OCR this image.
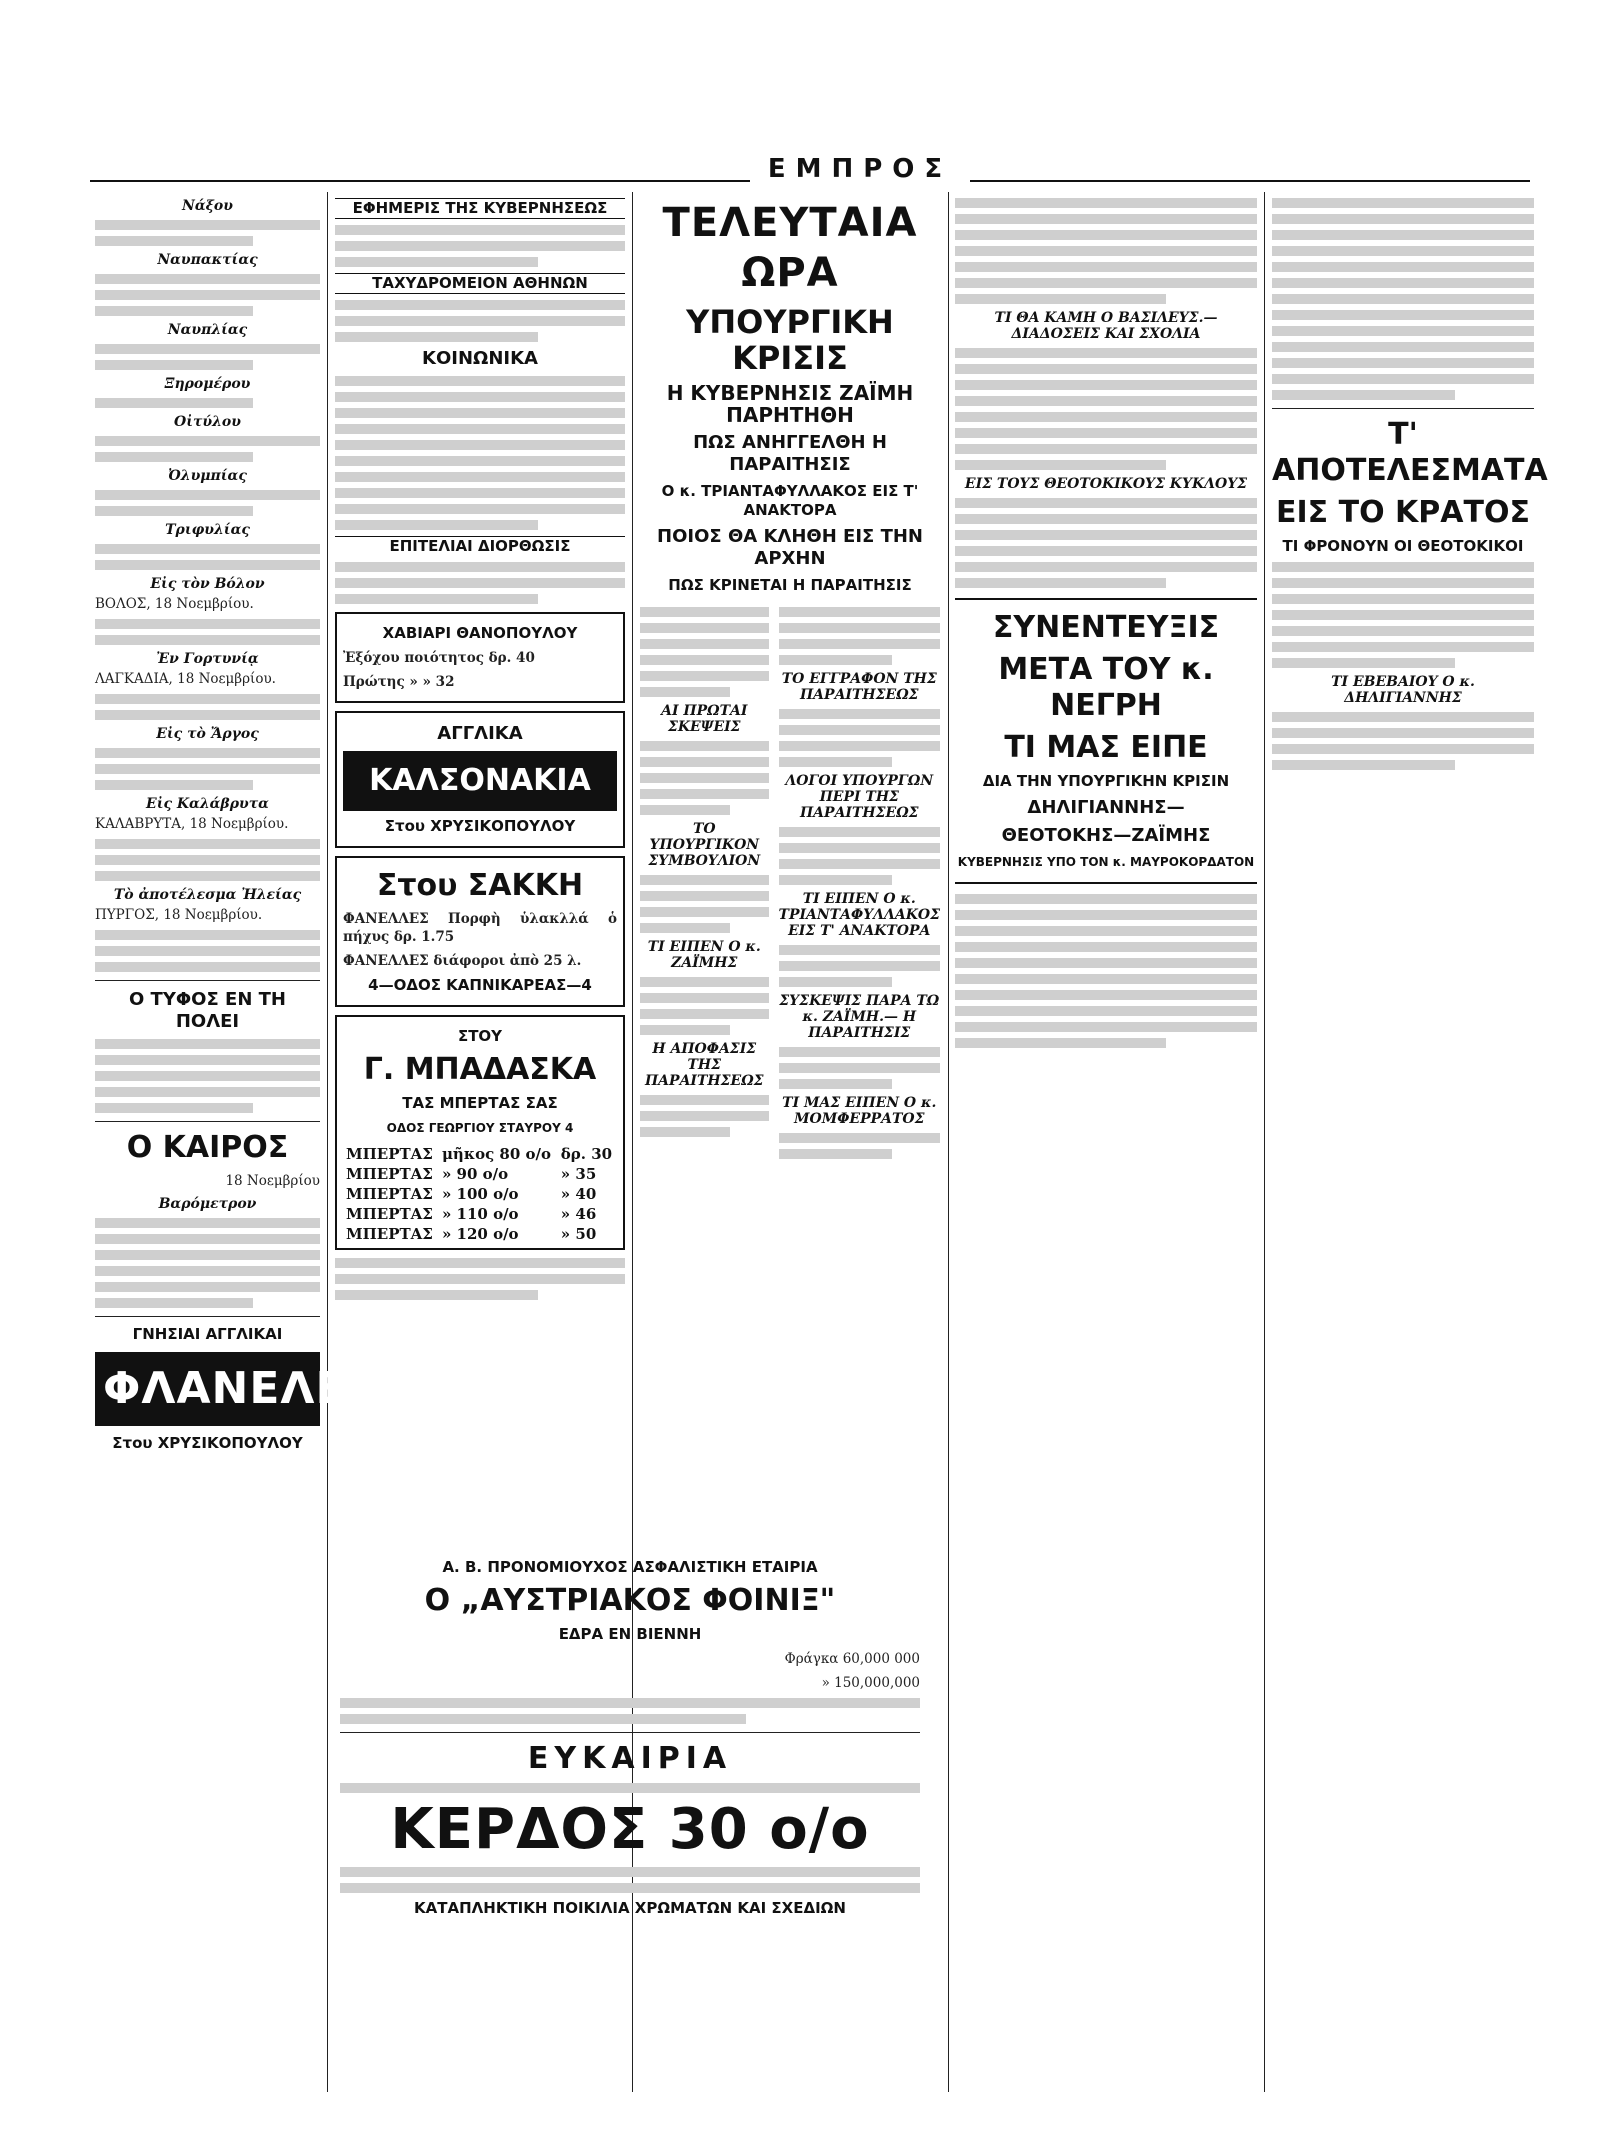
ΕΜΠΡΟΣ
Νάξου
Ναυπακτίας
Ναυπλίας
Ξηρομέρου
Οἰτύλου
Ὀλυμπίας
Τριφυλίας
Εἰς τὸν Βόλον

ΒΟΛΟΣ, 18 Νοεμβρίου.

Ἐν Γορτυνίᾳ

ΛΑΓΚΑΔΙΑ, 18 Νοεμβρίου.

Εἰς τὸ Ἄργος
Εἰς Καλάβρυτα

ΚΑΛΑΒΡΥΤΑ, 18 Νοεμβρίου.

Τὸ ἀποτέλεσμα Ἠλείας

ΠΥΡΓΟΣ, 18 Νοεμβρίου.

Ο ΤΥΦΟΣ ΕΝ ΤΗ ΠΟΛΕΙ
Ο ΚΑΙΡΟΣ

18 Νοεμβρίου

Βαρόμετρον
ΓΝΗΣΙΑΙ ΑΓΓΛΙΚΑΙ
ΦΛΑΝΕΛΕΣ
Στου ΧΡΥΣΙΚΟΠΟΥΛΟΥ
ΕΦΗΜΕΡΙΣ ΤΗΣ ΚΥΒΕΡΝΗΣΕΩΣ
ΤΑΧΥΔΡΟΜΕΙΟΝ ΑΘΗΝΩΝ
ΚΟΙΝΩΝΙΚΑ
ΕΠΙΤΕΛΙΑΙ ΔΙΟΡΘΩΣΙΣ
ΧΑΒΙΑΡΙ ΘΑΝΟΠΟΥΛΟΥ

Ἐξόχου ποιότητος δρ. 40

Πρώτης » » 32

ΑΓΓΛΙΚΑ
ΚΑΛΣΟΝΑΚΙΑ
Στου ΧΡΥΣΙΚΟΠΟΥΛΟΥ
Στου ΣΑΚΚΗ

ΦΑΝΕΛΛΕΣ Πορφὴ ὑλακλλά ὁ πήχυς δρ. 1.75

ΦΑΝΕΛΛΕΣ διάφοροι ἀπὸ 25 λ.

4—ΟΔΟΣ ΚΑΠΝΙΚΑΡΕΑΣ—4
ΣΤΟΥ
Γ. ΜΠΑΔΑΣΚΑ
ΤΑΣ ΜΠΕΡΤΑΣ ΣΑΣ
ΟΔΟΣ ΓΕΩΡΓΙΟΥ ΣΤΑΥΡΟΥ 4
ΜΠΕΡΤΑΣ	μῆκος 80 ο/ο	δρ. 30
ΜΠΕΡΤΑΣ	» 90 ο/ο	» 35
ΜΠΕΡΤΑΣ	» 100 ο/ο	» 40
ΜΠΕΡΤΑΣ	» 110 ο/ο	» 46
ΜΠΕΡΤΑΣ	» 120 ο/ο	» 50
ΤΕΛΕΥΤΑΙΑ ΩΡΑ
ΥΠΟΥΡΓΙΚΗ ΚΡΙΣΙΣ
Η ΚΥΒΕΡΝΗΣΙΣ ΖΑΪΜΗ ΠΑΡΗΤΗΘΗ
ΠΩΣ ΑΝΗΓΓΕΛΘΗ Η ΠΑΡΑΙΤΗΣΙΣ
Ο κ. ΤΡΙΑΝΤΑΦΥΛΛΑΚΟΣ ΕΙΣ Τ' ΑΝΑΚΤΟΡΑ
ΠΟΙΟΣ ΘΑ ΚΛΗΘΗ ΕΙΣ ΤΗΝ ΑΡΧΗΝ
ΠΩΣ ΚΡΙΝΕΤΑΙ Η ΠΑΡΑΙΤΗΣΙΣ
ΑΙ ΠΡΩΤΑΙ ΣΚΕΨΕΙΣ
ΤΟ ΥΠΟΥΡΓΙΚΟΝ ΣΥΜΒΟΥΛΙΟΝ
ΤΙ ΕΙΠΕΝ Ο κ. ΖΑΪΜΗΣ
Η ΑΠΟΦΑΣΙΣ ΤΗΣ ΠΑΡΑΙΤΗΣΕΩΣ
ΤΟ ΕΓΓΡΑΦΟΝ ΤΗΣ ΠΑΡΑΙΤΗΣΕΩΣ
ΛΟΓΟΙ ΥΠΟΥΡΓΩΝ ΠΕΡΙ ΤΗΣ ΠΑΡΑΙΤΗΣΕΩΣ
ΤΙ ΕΙΠΕΝ Ο κ. ΤΡΙΑΝΤΑΦΥΛΛΑΚΟΣ ΕΙΣ Τ' ΑΝΑΚΤΟΡΑ
ΣΥΣΚΕΨΙΣ ΠΑΡΑ ΤΩ κ. ΖΑΪΜΗ.— Η ΠΑΡΑΙΤΗΣΙΣ
ΤΙ ΜΑΣ ΕΙΠΕΝ Ο κ. ΜΟΜΦΕΡΡΑΤΟΣ
Α. Β. ΠΡΟΝΟΜΙΟΥΧΟΣ ΑΣΦΑΛΙΣΤΙΚΗ ΕΤΑΙΡΙΑ
Ο „ΑΥΣΤΡΙΑΚΟΣ ΦΟΙΝΙΞ"
ΕΔΡΑ ΕΝ ΒΙΕΝΝΗ

Φράγκα 60,000 000

» 150,000,000

ΕΥΚΑΙΡΙΑ
ΚΕΡΔΟΣ 30 ο/ο
ΚΑΤΑΠΛΗΚΤΙΚΗ ΠΟΙΚΙΛΙΑ ΧΡΩΜΑΤΩΝ ΚΑΙ ΣΧΕΔΙΩΝ
ΤΙ ΘΑ ΚΑΜΗ Ο ΒΑΣΙΛΕΥΣ.— ΔΙΑΔΟΣΕΙΣ ΚΑΙ ΣΧΟΛΙΑ
ΕΙΣ ΤΟΥΣ ΘΕΟΤΟΚΙΚΟΥΣ ΚΥΚΛΟΥΣ
ΣΥΝΕΝΤΕΥΞΙΣ
ΜΕΤΑ ΤΟΥ κ. ΝΕΓΡΗ
ΤΙ ΜΑΣ ΕΙΠΕ
ΔΙΑ ΤΗΝ ΥΠΟΥΡΓΙΚΗΝ ΚΡΙΣΙΝ
ΔΗΛΙΓΙΑΝΝΗΣ—
ΘΕΟΤΟΚΗΣ—ΖΑΪΜΗΣ
ΚΥΒΕΡΝΗΣΙΣ ΥΠΟ ΤΟΝ κ. ΜΑΥΡΟΚΟΡΔΑΤΟΝ
Τ' ΑΠΟΤΕΛΕΣΜΑΤΑ
ΕΙΣ ΤΟ ΚΡΑΤΟΣ
ΤΙ ΦΡΟΝΟΥΝ ΟΙ ΘΕΟΤΟΚΙΚΟΙ
ΤΙ ΕΒΕΒΑΙΟΥ Ο κ. ΔΗΛΙΓΙΑΝΝΗΣ
